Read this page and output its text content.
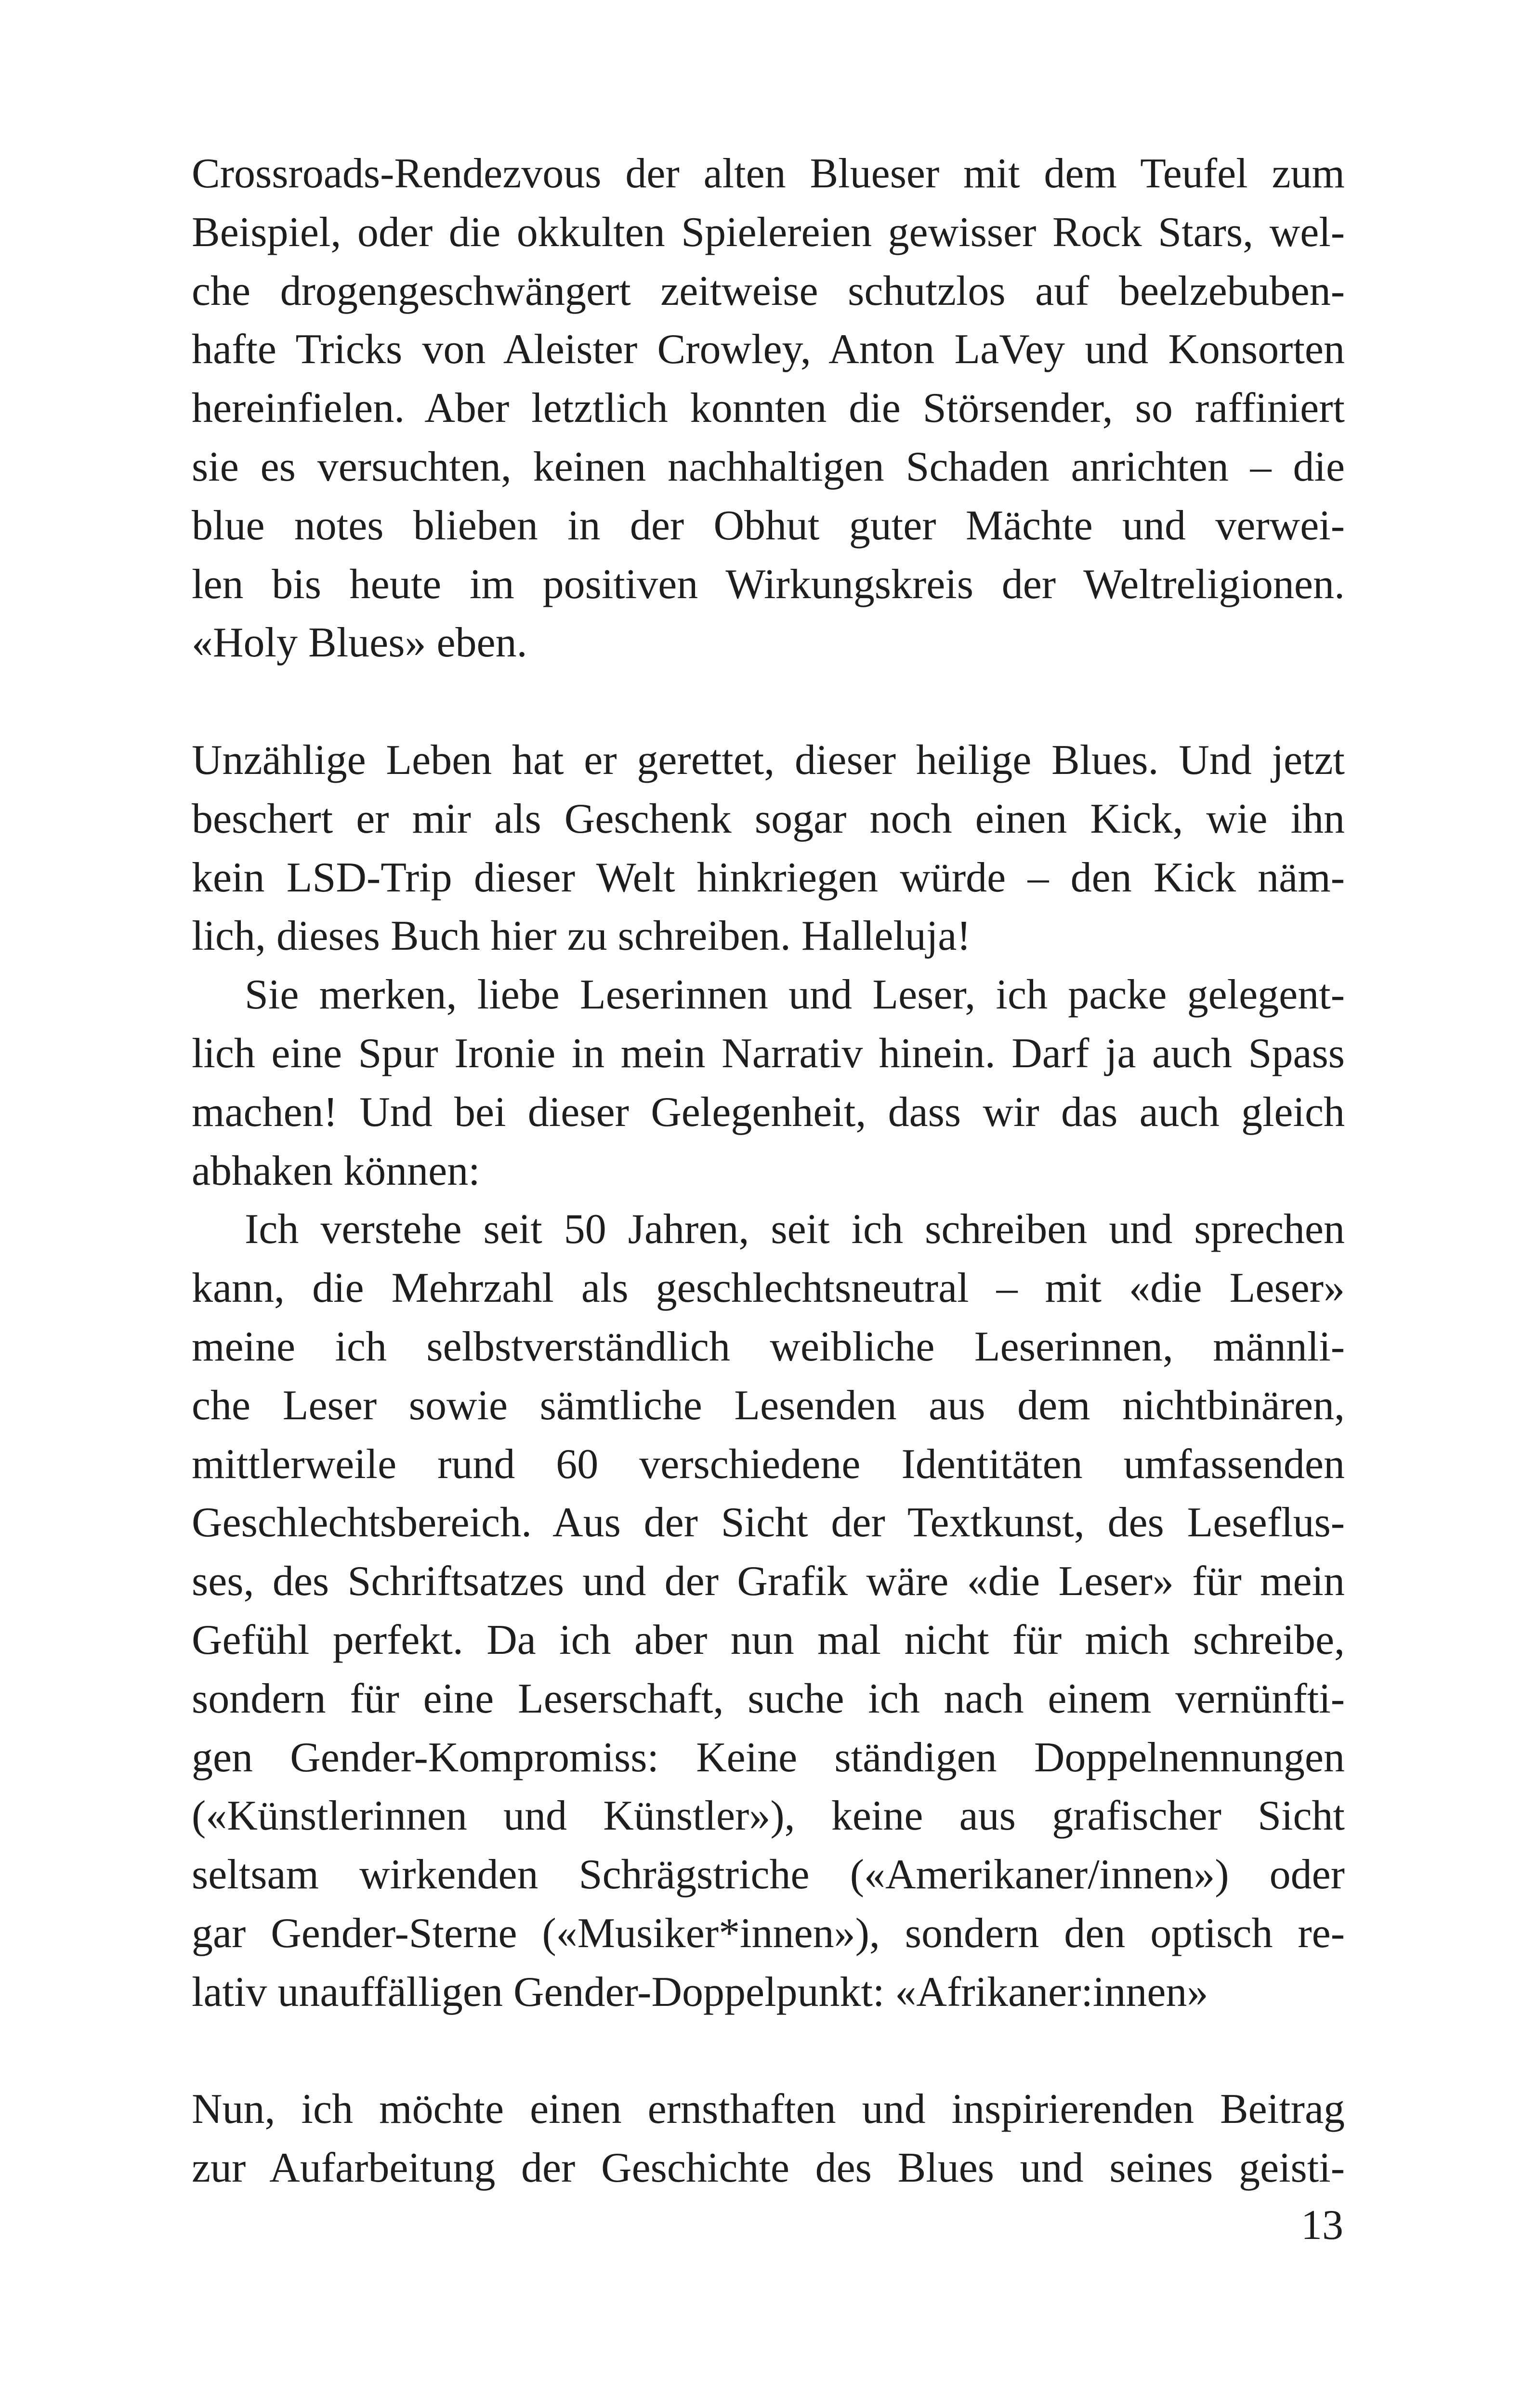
Crossroads-Rendezvous der alten Blueser mit dem Teufel zum
Beispiel, oder die okkulten Spielereien gewisser Rock Stars, wel-
che drogengeschwängert zeitweise schutzlos auf beelzebuben-
hafte Tricks von Aleister Crowley, Anton LaVey und Konsorten
hereinfielen. Aber letztlich konnten die Störsender, so raffiniert
sie es versuchten, keinen nachhaltigen Schaden anrichten – die
blue notes blieben in der Obhut guter Mächte und verwei-
len bis heute im positiven Wirkungskreis der Weltreligionen.
«Holy Blues» eben.
Unzählige Leben hat er gerettet, dieser heilige Blues. Und jetzt
beschert er mir als Geschenk sogar noch einen Kick, wie ihn
kein LSD-Trip dieser Welt hinkriegen würde – den Kick näm-
lich, dieses Buch hier zu schreiben. Halleluja!
Sie merken, liebe Leserinnen und Leser, ich packe gelegent-
lich eine Spur Ironie in mein Narrativ hinein. Darf ja auch Spass
machen! Und bei dieser Gelegenheit, dass wir das auch gleich
abhaken können:
Ich verstehe seit 50 Jahren, seit ich schreiben und sprechen
kann, die Mehrzahl als geschlechtsneutral – mit «die Leser»
meine ich selbstverständlich weibliche Leserinnen, männli-
che Leser sowie sämtliche Lesenden aus dem nichtbinären,
mittlerweile rund 60 verschiedene Identitäten umfassenden
Geschlechtsbereich. Aus der Sicht der Textkunst, des Leseflus-
ses, des Schriftsatzes und der Grafik wäre «die Leser» für mein
Gefühl perfekt. Da ich aber nun mal nicht für mich schreibe,
sondern für eine Leserschaft, suche ich nach einem vernünfti-
gen Gender-Kompromiss: Keine ständigen Doppelnennungen
(«Künstlerinnen und Künstler»), keine aus grafischer Sicht
seltsam wirkenden Schrägstriche («Amerikaner/innen») oder
gar Gender-Sterne («Musiker*innen»), sondern den optisch re-
lativ unauffälligen Gender-Doppelpunkt: «Afrikaner:innen»
Nun, ich möchte einen ernsthaften und inspirierenden Beitrag
zur Aufarbeitung der Geschichte des Blues und seines geisti-
13
